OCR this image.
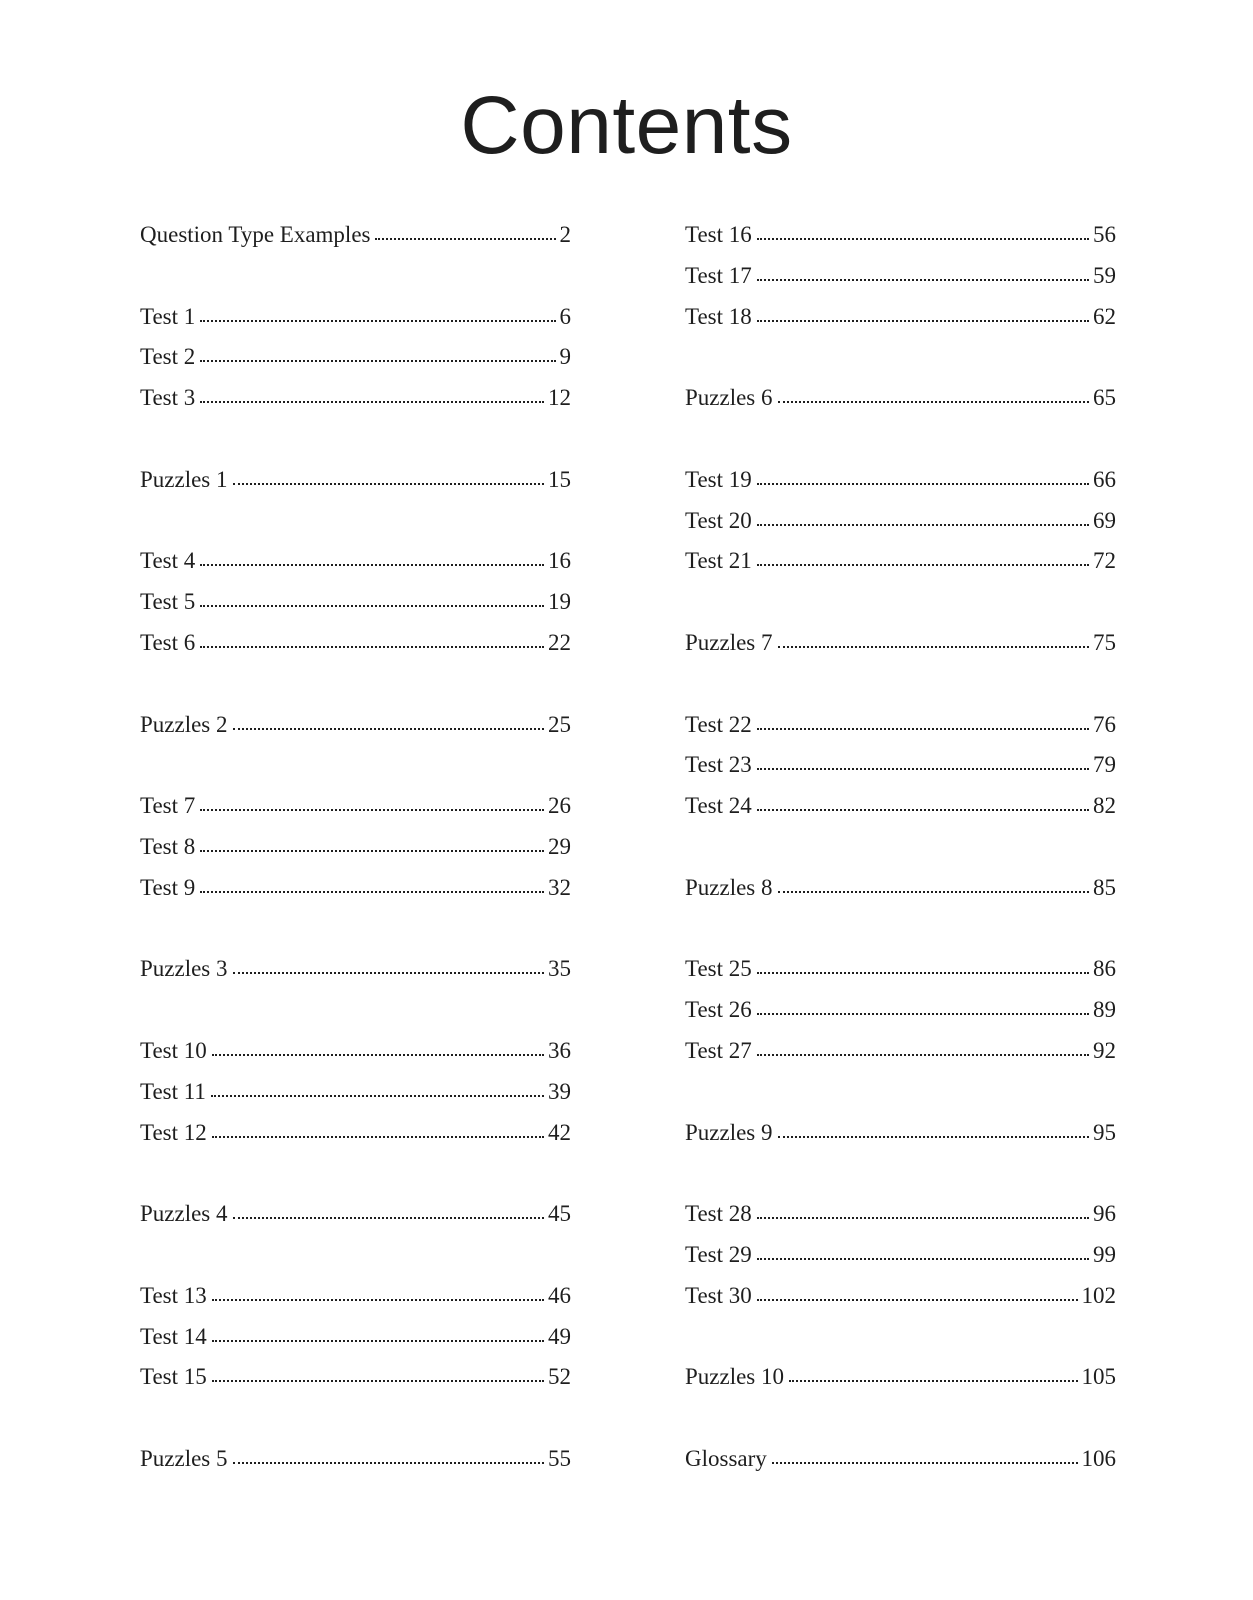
Contents
Question Type Examples	2
Test 1	6
Test 2	9
Test 3	12
Puzzles 1	15
Test 4	16
Test 5	19
Test 6	22
Puzzles 2	25
Test 7	26
Test 8	29
Test 9	32
Puzzles 3	35
Test 10	36
Test 11	39
Test 12	42
Puzzles 4	45
Test 13	46
Test 14	49
Test 15	52
Puzzles 5	55
Test 16	56
Test 17	59
Test 18	62
Puzzles 6	65
Test 19	66
Test 20	69
Test 21	72
Puzzles 7	75
Test 22	76
Test 23	79
Test 24	82
Puzzles 8	85
Test 25	86
Test 26	89
Test 27	92
Puzzles 9	95
Test 28	96
Test 29	99
Test 30	102
Puzzles 10	105
Glossary	106
